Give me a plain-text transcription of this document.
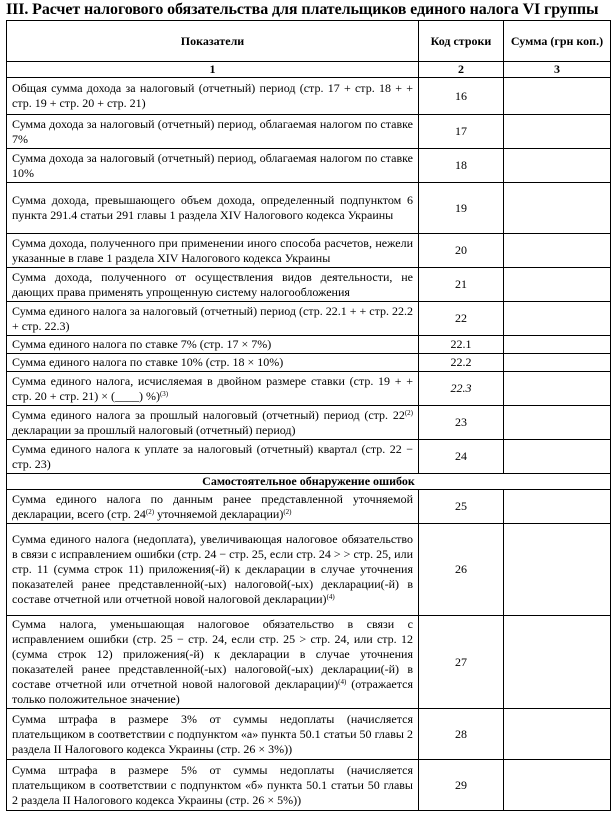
III. Расчет налогового обязательства для плательщиков единого налога VI группы
Показатели	Код строки	Сумма (грн коп.)
1	2	3
Общая сумма дохода за налоговый (отчетный) период (стр. 17 + стр. 18 + + стр. 19 + стр. 20 + стр. 21)	16	
Сумма дохода за налоговый (отчетный) период, облагаемая налогом по ставке 7%	17	
Сумма дохода за налоговый (отчетный) период, облагаемая налогом по ставке 10%	18	
Сумма дохода, превышающего объем дохода, определенный подпунктом 6 пункта 291.4 статьи 291 главы 1 раздела XIV Налогового кодекса Украины	19	
Сумма дохода, полученного при применении иного способа расчетов, нежели указанные в главе 1 раздела XIV Налогового кодекса Украины	20	
Сумма дохода, полученного от осуществления видов деятельности, не дающих права применять упрощенную систему налогообложения	21	
Сумма единого налога за налоговый (отчетный) период (стр. 22.1 + + стр. 22.2 + стр. 22.3)	22	
Сумма единого налога по ставке 7% (стр. 17 × 7%)	22.1	
Сумма единого налога по ставке 10% (стр. 18 × 10%)	22.2	
Сумма единого налога, исчисляемая в двойном размере ставки (стр. 19 + + стр. 20 + стр. 21) × (____) %)$^{(3)}$	22.3	
Сумма единого налога за прошлый налоговый (отчетный) период (стр. 22$^{(2)}$ декларации за прошлый налоговый (отчетный) период)	23	
Сумма единого налога к уплате за налоговый (отчетный) квартал (стр. 22 − стр. 23)	24	
Самостоятельное обнаружение ошибок		
Сумма единого налога по данным ранее представленной уточняемой декларации, всего (стр. 24$^{(2)}$ уточняемой декларации)$^{(2)}$	25	
Сумма единого налога (недоплата), увеличивающая налоговое обязательство в связи с исправлением ошибки (стр. 24 − стр. 25, если стр. 24 > > стр. 25, или стр. 11 (сумма строк 11) приложения(-й) к декларации в случае уточнения показателей ранее представленной(-ых) налоговой(-ых) декларации(-й) в составе отчетной или отчетной новой налоговой декларации)$^{(4)}$	26	
Сумма налога, уменьшающая налоговое обязательство в связи с исправлением ошибки (стр. 25 − стр. 24, если стр. 25 > стр. 24, или стр. 12 (сумма строк 12) приложения(-й) к декларации в случае уточнения показателей ранее представленной(-ых) налоговой(-ых) декларации(-й) в составе отчетной или отчетной новой налоговой декларации)$^{(4)}$ (отражается только положительное значение)	27	
Сумма штрафа в размере 3% от суммы недоплаты (начисляется плательщиком в соответствии с подпунктом «а» пункта 50.1 статьи 50 главы 2 раздела II Налогового кодекса Украины (стр. 26 × 3%))	28	
Сумма штрафа в размере 5% от суммы недоплаты (начисляется плательщиком в соответствии с подпунктом «б» пункта 50.1 статьи 50 главы 2 раздела II Налогового кодекса Украины (стр. 26 × 5%))	29	
